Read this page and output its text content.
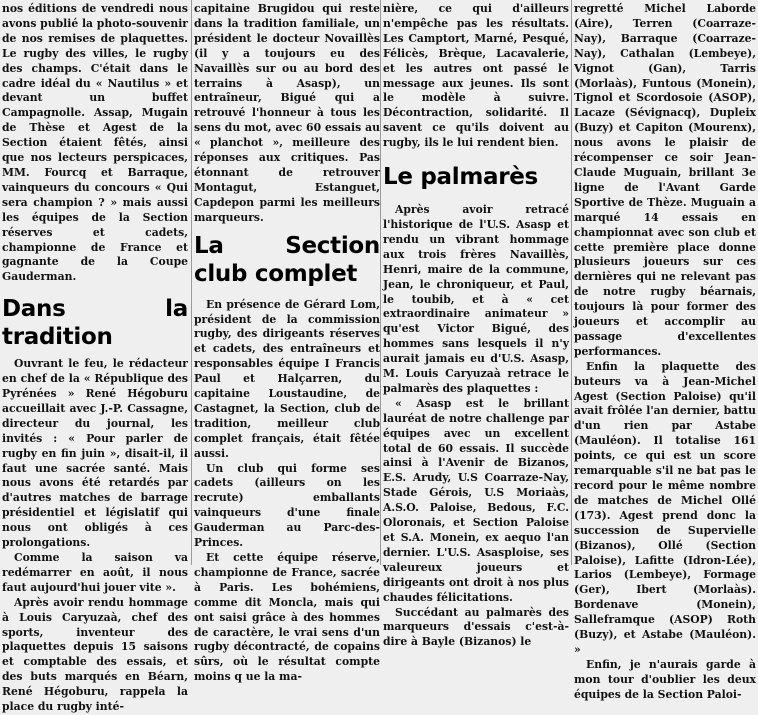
nos éditions de vendredi nous avons publié la photo-souvenir de nos remises de plaquettes. Le rugby des villes, le rugby des champs. C'était dans le cadre idéal du « Nautilus » et devant un buffet Campagnolle. Assap, Mugain de Thèse et Agest de la Section étaient fêtés, ainsi que nos lecteurs perspicaces, MM. Fourcq et Barraque, vainqueurs du concours « Qui sera champion ? » mais aussi les équipes de la Section réserves et cadets, championne de France et gagnante de la Coupe Gauderman.

Dans la tradition

Ouvrant le feu, le rédacteur en chef de la « République des Pyrénées » René Hégoburu accueillait avec J.-P. Cassagne, directeur du journal, les invités : « Pour parler de rugby en fin juin », disait-il, il faut une sacrée santé. Mais nous avons été retardés par d'autres matches de barrage présidentiel et législatif qui nous ont obligés à ces prolongations.

Comme la saison va redémarrer en août, il nous faut aujourd'hui jouer vite ».

Après avoir rendu hommage à Louis Caryuzaà, chef des sports, inventeur des plaquettes depuis 15 saisons et comptable des essais, et des buts marqués en Béarn, René Hégoburu, rappela la place du rugby inté-

capitaine Brugidou qui reste dans la tradition familiale, un président le docteur Novaillès (il y a toujours eu des Navaillès sur ou au bord des terrains à Asasp), un entraîneur, Bigué qui a retrouvé l'honneur à tous les sens du mot, avec 60 essais au « planchot », meilleure des réponses aux critiques. Pas étonnant de retrouver Montagut, Estanguet, Capdepon parmi les meilleurs marqueurs.

La Section club complet

En présence de Gérard Lom, président de la commission rugby, des dirigeants réserves et cadets, des entraîneurs et responsables équipe I Francis Paul et Halçarren, du capitaine Loustaudine, de Castagnet, la Section, club de tradition, meilleur club complet français, était fêtée aussi.

Un club qui forme ses cadets (ailleurs on les recrute) emballants vainqueurs d'une finale Gauderman au Parc-des-Princes.

Et cette équipe réserve, championne de France, sacrée à Paris. Les bohémiens, comme dit Moncla, mais qui ont saisi grâce à des hommes de caractère, le vrai sens d'un rugby décontracté, de copains sûrs, où le résultat compte moins q ue la ma-

nière, ce qui d'ailleurs n'empêche pas les résultats. Les Camptort, Marné, Pesqué, Félicès, Brèque, Lacavalerie, et les autres ont passé le message aux jeunes. Ils sont le modèle à suivre. Décontraction, solidarité. Il savent ce qu'ils doivent au rugby, ils le lui rendent bien.

Le palmarès

Après avoir retracé l'historique de l'U.S. Asasp et rendu un vibrant hommage aux trois frères Navaillès, Henri, maire de la commune, Jean, le chroniqueur, et Paul, le toubib, et à « cet extraordinaire animateur » qu'est Victor Bigué, des hommes sans lesquels il n'y aurait jamais eu d'U.S. Asasp, M. Louis Caryuzaà retrace le palmarès des plaquettes :

« Asasp est le brillant lauréat de notre challenge par équipes avec un excellent total de 60 essais. Il succède ainsi à l'Avenir de Bizanos, E.S. Arudy, U.S Coarraze-Nay, Stade Gérois, U.S Moriaàs, A.S.O. Paloise, Bedous, F.C. Oloronais, et Section Paloise et S.A. Monein, ex aequo l'an dernier. L'U.S. Asasploise, ses valeureux joueurs et dirigeants ont droit à nos plus chaudes félicitations.

Succédant au palmarès des marqueurs d'essais c'est-à-dire à Bayle (Bizanos) le

regretté Michel Laborde (Aire), Terren (Coarraze-Nay), Barraque (Coarraze-Nay), Cathalan (Lembeye), Vignot (Gan), Tarris (Morlaàs), Funtous (Monein), Tignol et Scordosoie (ASOP), Lacaze (Sévignacq), Dupleix (Buzy) et Capiton (Mourenx), nous avons le plaisir de récompenser ce soir Jean-Claude Muguain, brillant 3e ligne de l'Avant Garde Sportive de Thèze. Muguain a marqué 14 essais en championnat avec son club et cette première place donne plusieurs joueurs sur ces dernières qui ne relevant pas de notre rugby béarnais, toujours là pour former des joueurs et accomplir au passage d'excellentes performances.

Enfin la plaquette des buteurs va à Jean-Michel Agest (Section Paloise) qu'il avait frôlée l'an dernier, battu d'un rien par Astabe (Mauléon). Il totalise 161 points, ce qui est un score remarquable s'il ne bat pas le record pour le même nombre de matches de Michel Ollé (173). Agest prend donc la succession de Supervielle (Bizanos), Ollé (Section Paloise), Lafitte (Idron-Lée), Larios (Lembeye), Formage (Ger), Ibert (Morlaàs). Bordenave (Monein), Salleframque (ASOP) Roth (Buzy), et Astabe (Mauléon). »

Enfin, je n'aurais garde à mon tour d'oublier les deux équipes de la Section Paloi-
